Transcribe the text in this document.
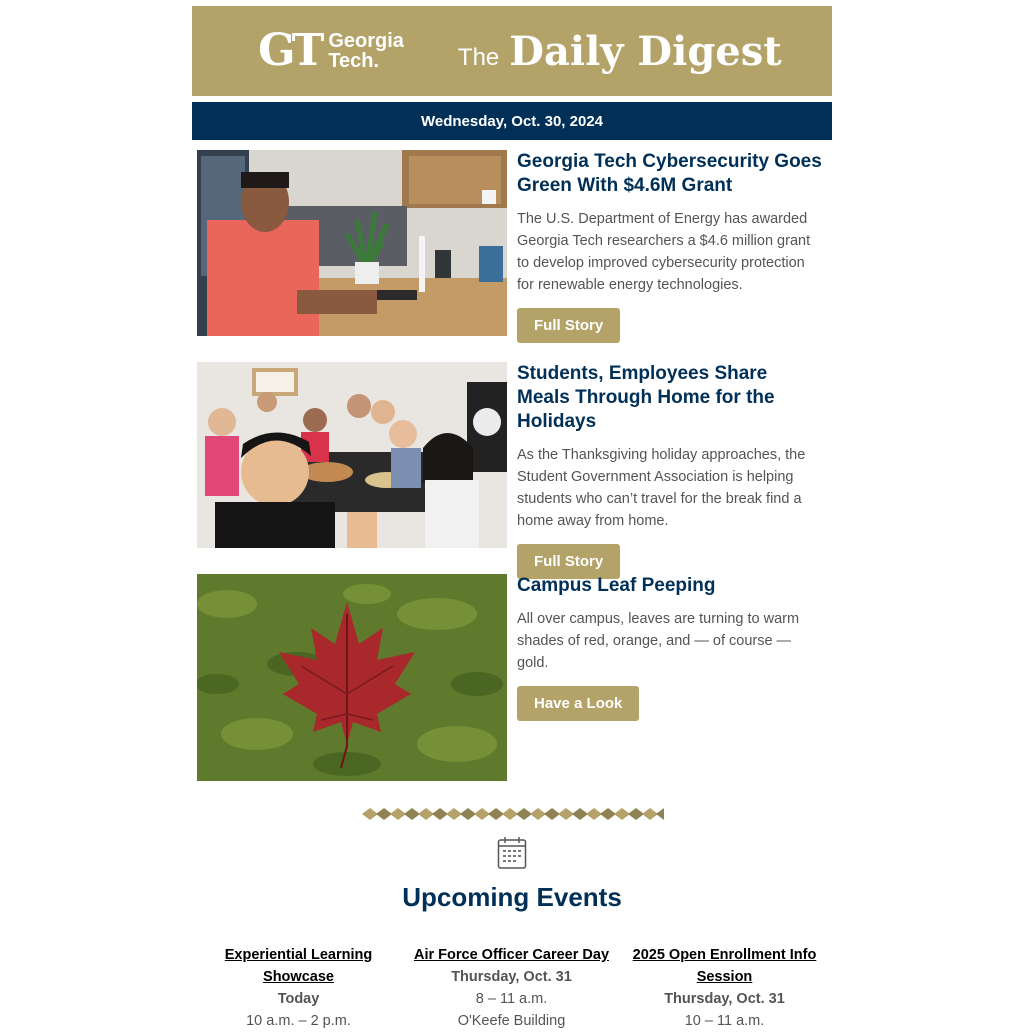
GT Georgia
Tech.	The Daily Digest
Wednesday, Oct. 30, 2024
Georgia Tech Cybersecurity Goes Green With $4.6M Grant

The U.S. Department of Energy has awarded Georgia Tech researchers a $4.6 million grant to develop improved cybersecurity protection for renewable energy technologies.

Full Story
Students, Employees Share Meals Through Home for the Holidays

As the Thanksgiving holiday approaches, the Student Government Association is helping students who can’t travel for the break find a home away from home.

Full Story
Campus Leaf Peeping

All over campus, leaves are turning to warm shades of red, orange, and — of course — gold.

Have a Look
Upcoming Events
Experiential Learning Showcase
Today
10 a.m. – 2 p.m.
Air Force Officer Career Day
Thursday, Oct. 31
8 – 11 a.m.
O'Keefe Building
2025 Open Enrollment Info Session
Thursday, Oct. 31
10 – 11 a.m.
